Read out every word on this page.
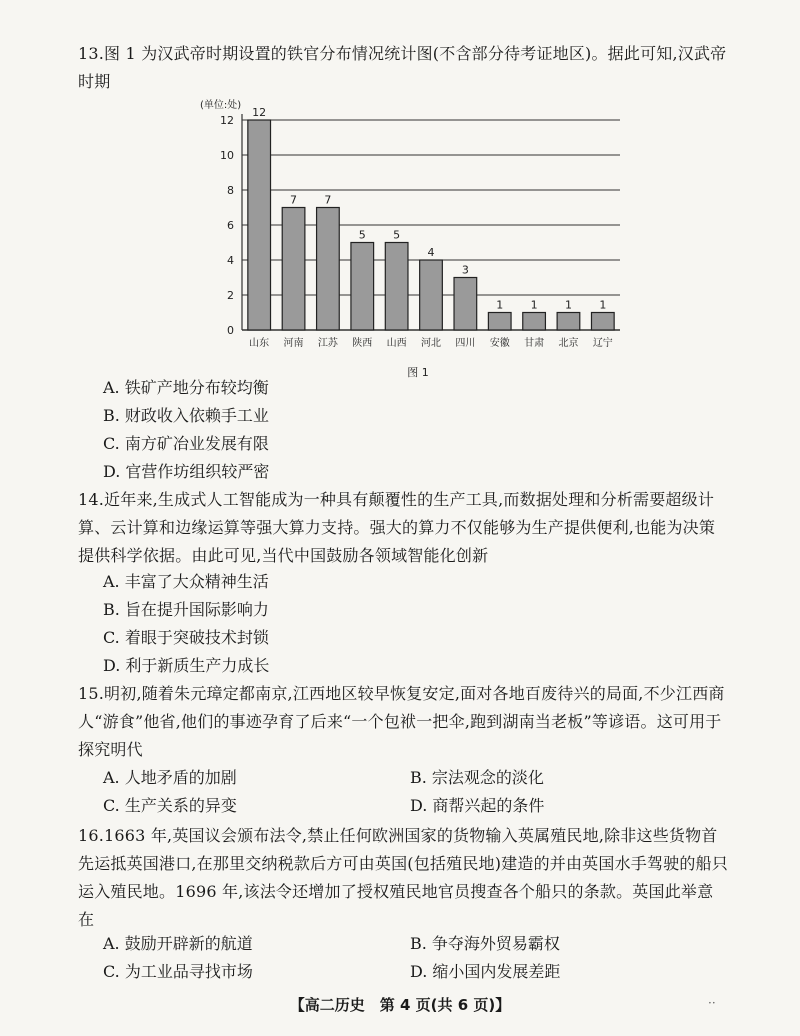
13.图 1 为汉武帝时期设置的铁官分布情况统计图(不含部分待考证地区)。据此可知,汉武帝时期
(单位:处)
0
2
4
6
8
10
12
12
7 7
5 5
4
3
1 1 1 1
山东 河南 江苏 陕西 山西 河北 四川 安徽 甘肃 北京 辽宁
图 1
A. 铁矿产地分布较均衡
B. 财政收入依赖手工业
C. 南方矿冶业发展有限
D. 官营作坊组织较严密
14.近年来,生成式人工智能成为一种具有颠覆性的生产工具,而数据处理和分析需要超级计算、云计算和边缘运算等强大算力支持。强大的算力不仅能够为生产提供便利,也能为决策提供科学依据。由此可见,当代中国鼓励各领域智能化创新
A. 丰富了大众精神生活
B. 旨在提升国际影响力
C. 着眼于突破技术封锁
D. 利于新质生产力成长
15.明初,随着朱元璋定都南京,江西地区较早恢复安定,面对各地百废待兴的局面,不少江西商人“游食”他省,他们的事迹孕育了后来“一个包袱一把伞,跑到湖南当老板”等谚语。这可用于探究明代
A. 人地矛盾的加剧	B. 宗法观念的淡化
C. 生产关系的异变	D. 商帮兴起的条件
16.1663 年,英国议会颁布法令,禁止任何欧洲国家的货物输入英属殖民地,除非这些货物首先运抵英国港口,在那里交纳税款后方可由英国(包括殖民地)建造的并由英国水手驾驶的船只运入殖民地。1696 年,该法令还增加了授权殖民地官员搜查各个船只的条款。英国此举意在
A. 鼓励开辟新的航道	B. 争夺海外贸易霸权
C. 为工业品寻找市场	D. 缩小国内发展差距
【高二历史　第 4 页(共 6 页)】	··
